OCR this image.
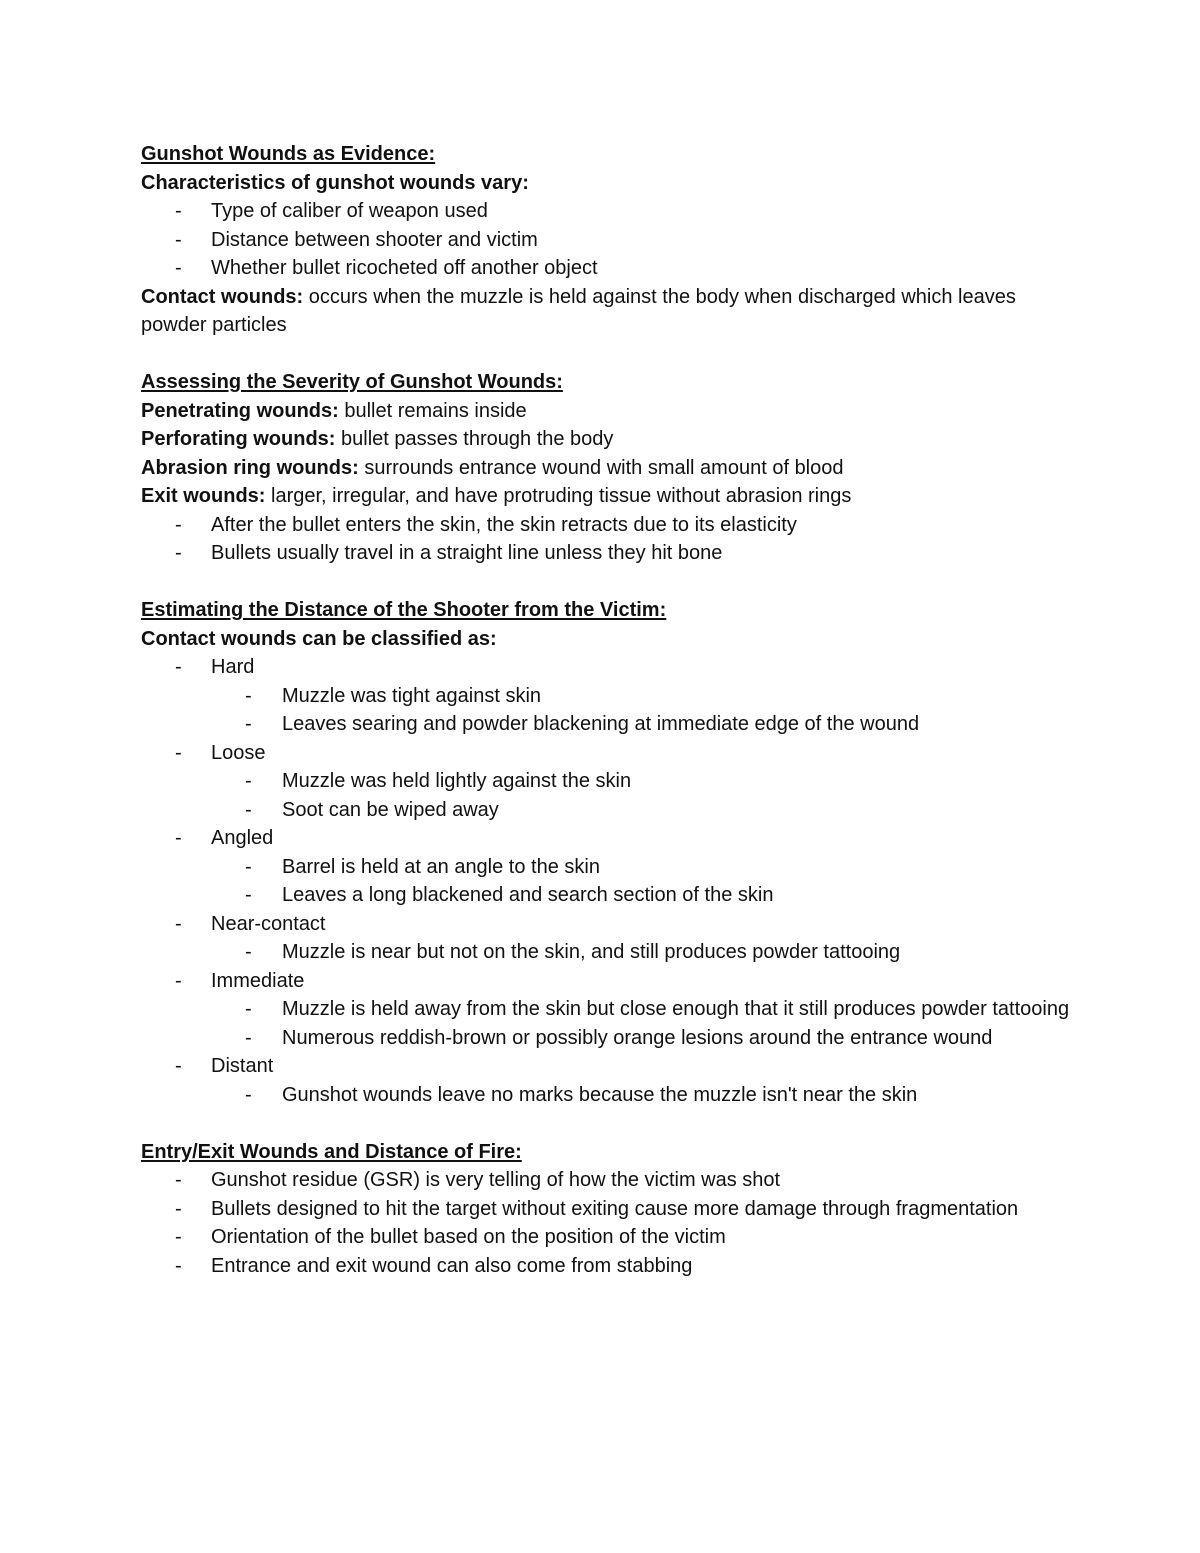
Gunshot Wounds as Evidence:
Characteristics of gunshot wounds vary:
- Type of caliber of weapon used
- Distance between shooter and victim
- Whether bullet ricocheted off another object

Contact wounds: occurs when the muzzle is held against the body when discharged which leaves powder particles

Assessing the Severity of Gunshot Wounds:

Penetrating wounds: bullet remains inside

Perforating wounds: bullet passes through the body

Abrasion ring wounds: surrounds entrance wound with small amount of blood

Exit wounds: larger, irregular, and have protruding tissue without abrasion rings

- After the bullet enters the skin, the skin retracts due to its elasticity
- Bullets usually travel in a straight line unless they hit bone
Estimating the Distance of the Shooter from the Victim:
Contact wounds can be classified as:
- Hard
- Muzzle was tight against skin
- Leaves searing and powder blackening at immediate edge of the wound
- Loose
- Muzzle was held lightly against the skin
- Soot can be wiped away
- Angled
- Barrel is held at an angle to the skin
- Leaves a long blackened and search section of the skin
- Near-contact
- Muzzle is near but not on the skin, and still produces powder tattooing
- Immediate
- Muzzle is held away from the skin but close enough that it still produces powder tattooing
- Numerous reddish-brown or possibly orange lesions around the entrance wound
- Distant
- Gunshot wounds leave no marks because the muzzle isn't near the skin
Entry/Exit Wounds and Distance of Fire:
- Gunshot residue (GSR) is very telling of how the victim was shot
- Bullets designed to hit the target without exiting cause more damage through fragmentation
- Orientation of the bullet based on the position of the victim
- Entrance and exit wound can also come from stabbing
